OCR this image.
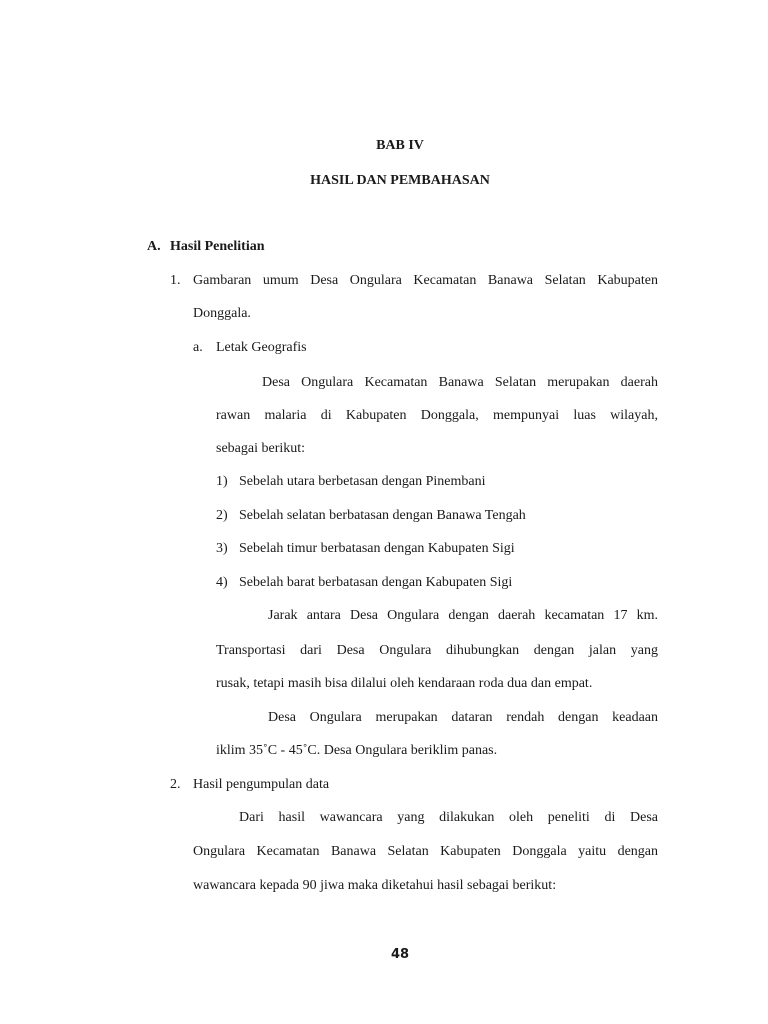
BAB IV
HASIL DAN PEMBAHASAN
A. Hasil Penelitian
1. Gambaran umum Desa Ongulara Kecamatan Banawa Selatan Kabupaten
Donggala.
a. Letak Geografis
Desa Ongulara Kecamatan Banawa Selatan merupakan daerah
rawan malaria di Kabupaten Donggala, mempunyai luas wilayah,
sebagai berikut:
1) Sebelah utara berbetasan dengan Pinembani
2) Sebelah selatan berbatasan dengan Banawa Tengah
3) Sebelah timur berbatasan dengan Kabupaten Sigi
4) Sebelah barat berbatasan dengan Kabupaten Sigi
Jarak antara Desa Ongulara dengan daerah kecamatan 17 km.
Transportasi dari Desa Ongulara dihubungkan dengan jalan yang
rusak, tetapi masih bisa dilalui oleh kendaraan roda dua dan empat.
Desa Ongulara merupakan dataran rendah dengan keadaan
iklim 35˚C - 45˚C. Desa Ongulara beriklim panas.
2. Hasil pengumpulan data
Dari hasil wawancara yang dilakukan oleh peneliti di Desa
Ongulara Kecamatan Banawa Selatan Kabupaten Donggala yaitu dengan
wawancara kepada 90 jiwa maka diketahui hasil sebagai berikut:
48
